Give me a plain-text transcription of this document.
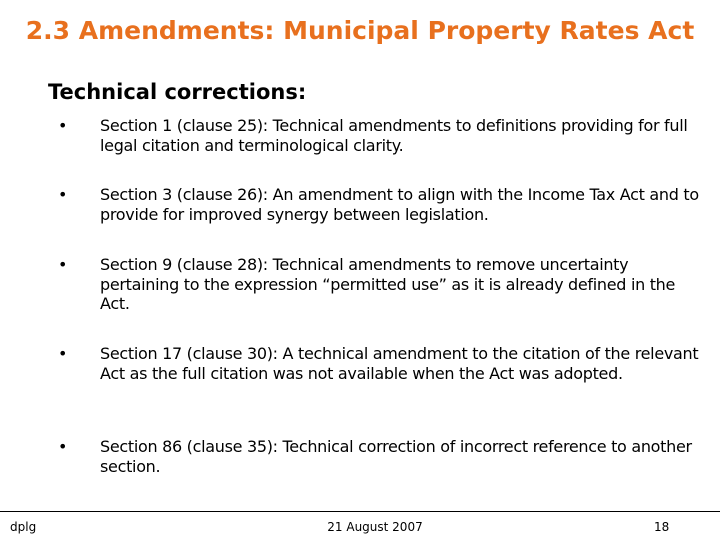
2.3 Amendments: Municipal Property Rates Act
Technical corrections:
• Section 1 (clause 25): Technical amendments to definitions providing for full legal citation and terminological clarity.
• Section 3 (clause 26): An amendment to align with the Income Tax Act and to provide for improved synergy between legislation.
• Section 9 (clause 28): Technical amendments to remove uncertainty pertaining to the expression “permitted use” as it is already defined in the Act.
• Section 17 (clause 30): A technical amendment to the citation of the relevant Act as the full citation was not available when the Act was adopted.
• Section 86 (clause 35): Technical correction of incorrect reference to another section.
dplg	21 August 2007	18
